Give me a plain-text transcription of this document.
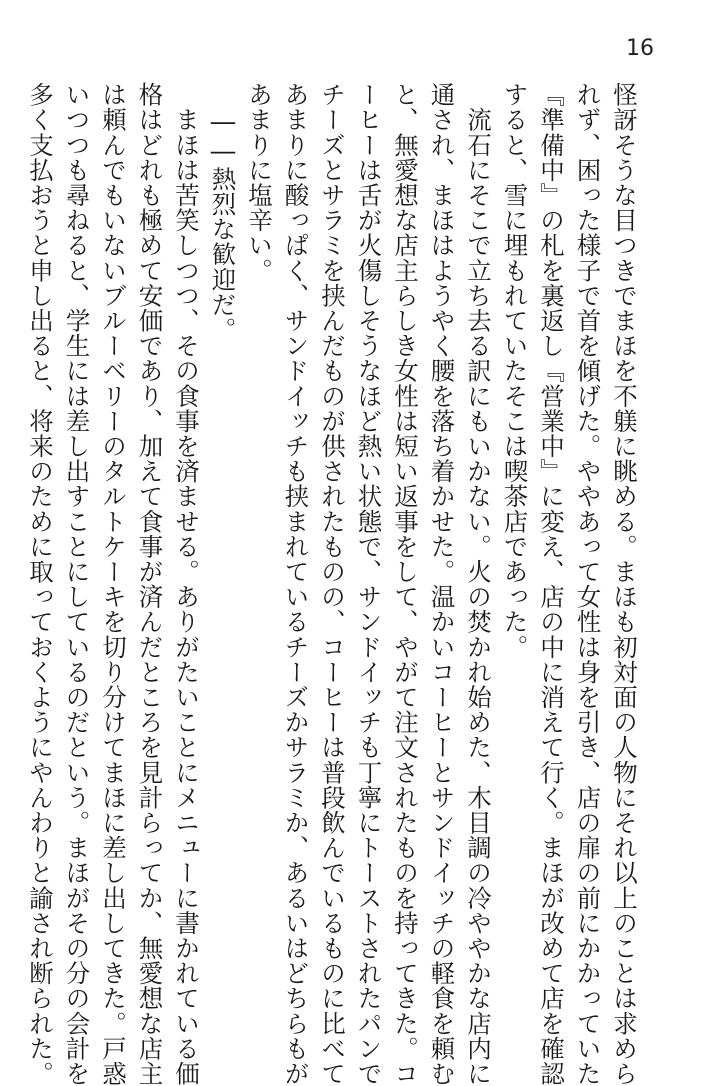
16
怪訝そうな目つきでまほを不躾に眺める。まほも初対面の人物にそれ以上のことは求めら
れず、困った様子で首を傾げた。ややあって女性は身を引き、店の扉の前にかかっていた
『準備中』の札を裏返し『営業中』に変え、店の中に消えて行く。まほが改めて店を確認
すると、雪に埋もれていたそこは喫茶店であった。
　流石にそこで立ち去る訳にもいかない。火の焚かれ始めた、木目調の冷ややかな店内に
通され、まほはようやく腰を落ち着かせた。温かいコーヒーとサンドイッチの軽食を頼む
と、無愛想な店主らしき女性は短い返事をして、やがて注文されたものを持ってきた。コ
ーヒーは舌が火傷しそうなほど熱い状態で、サンドイッチも丁寧にトーストされたパンで
チーズとサラミを挟んだものが供されたものの、コーヒーは普段飲んでいるものに比べて
あまりに酸っぱく、サンドイッチも挟まれているチーズかサラミか、あるいはどちらもが
あまりに塩辛い。
　――熱烈な歓迎だ。
　まほは苦笑しつつ、その食事を済ませる。ありがたいことにメニューに書かれている価
格はどれも極めて安価であり、加えて食事が済んだところを見計らってか、無愛想な店主
は頼んでもいないブルーベリーのタルトケーキを切り分けてまほに差し出してきた。戸惑
いつつも尋ねると、学生には差し出すことにしているのだという。まほがその分の会計を
多く支払おうと申し出ると、将来のために取っておくようにやんわりと諭され断られた。
